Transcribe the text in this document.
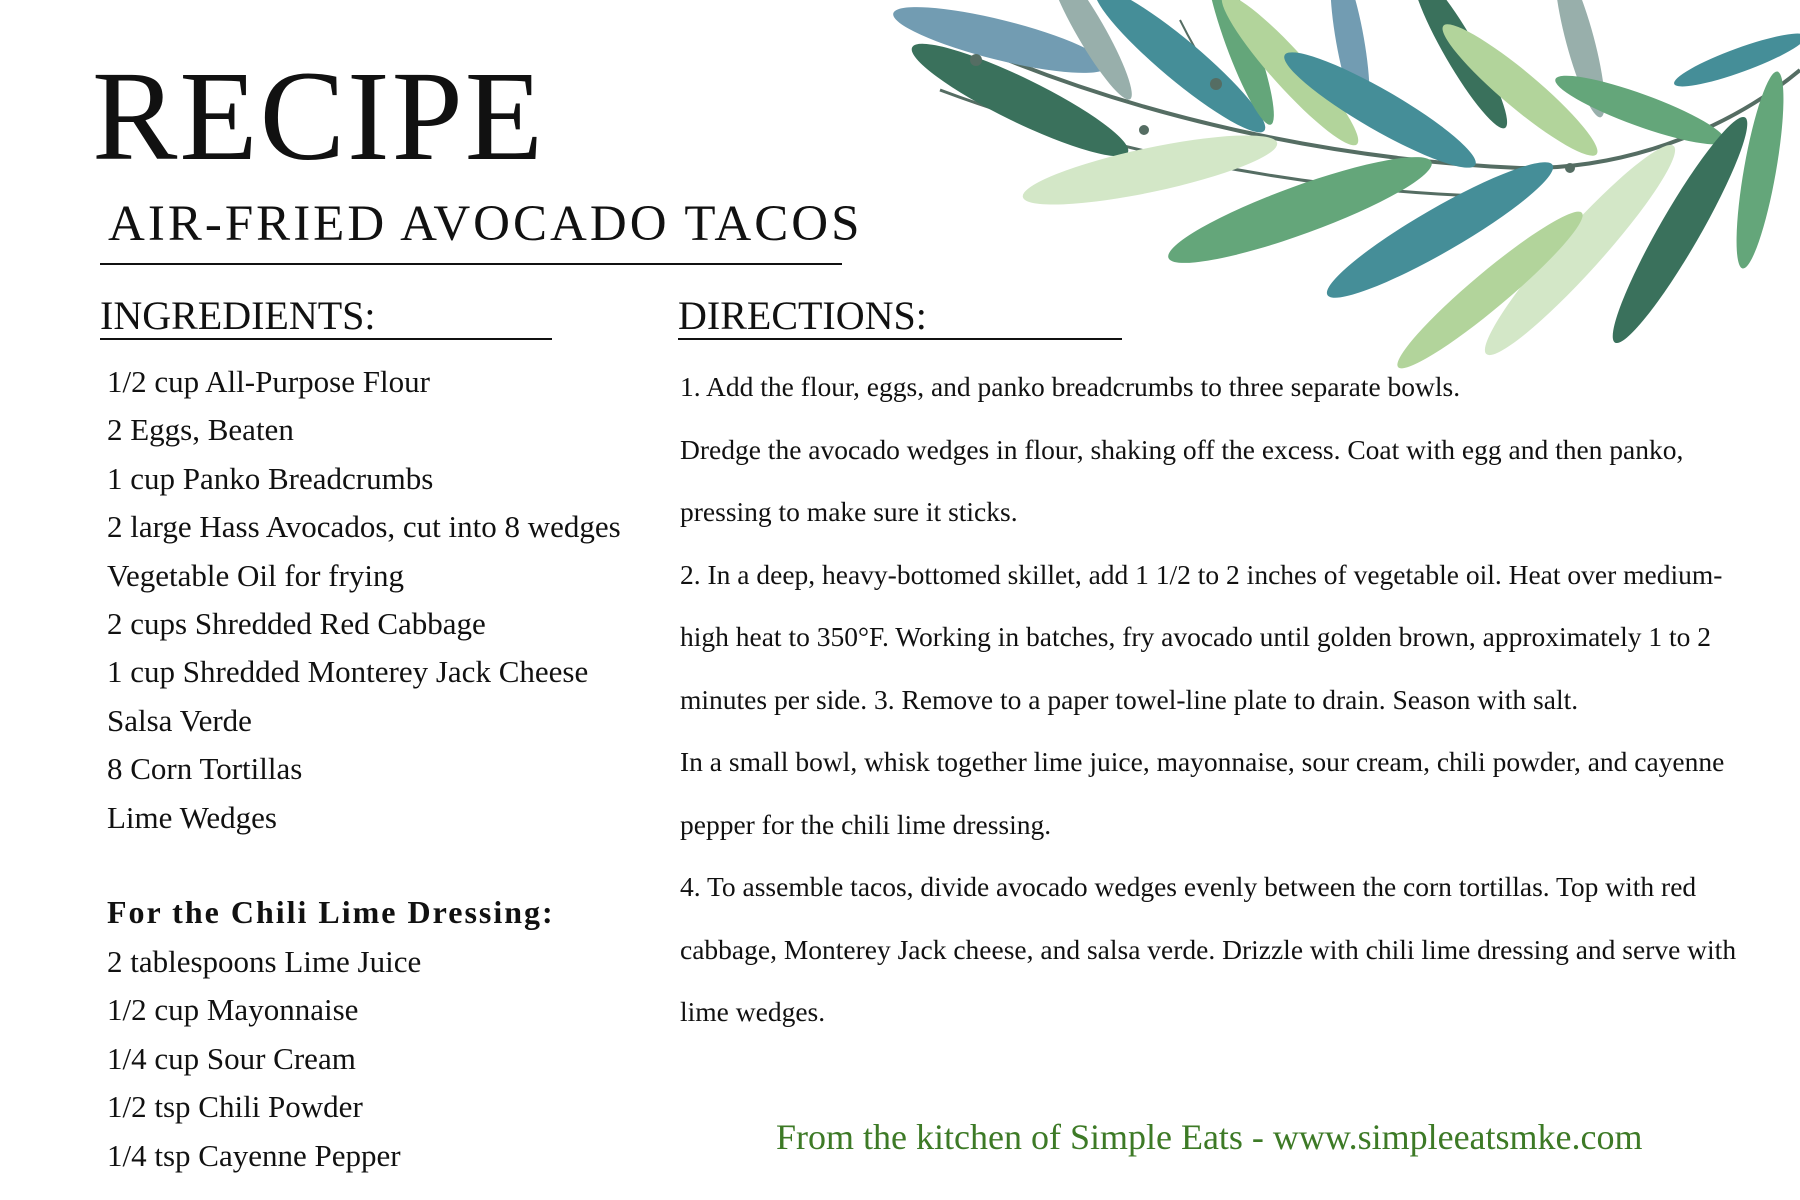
RECIPE
AIR-FRIED AVOCADO TACOS
INGREDIENTS:
1/2 cup All-Purpose Flour
2 Eggs, Beaten
1 cup Panko Breadcrumbs
2 large Hass Avocados, cut into 8 wedges
Vegetable Oil for frying
2 cups Shredded Red Cabbage
1 cup Shredded Monterey Jack Cheese
Salsa Verde
8 Corn Tortillas
Lime Wedges
For the Chili Lime Dressing:
2 tablespoons Lime Juice
1/2 cup Mayonnaise
1/4 cup Sour Cream
1/2 tsp Chili Powder
1/4 tsp Cayenne Pepper
DIRECTIONS:

1. Add the flour, eggs, and panko breadcrumbs to three separate bowls.

Dredge the avocado wedges in flour, shaking off the excess. Coat with egg and then panko, pressing to make sure it sticks.

2. In a deep, heavy-bottomed skillet, add 1 1/2 to 2 inches of vegetable oil. Heat over medium-high heat to 350°F. Working in batches, fry avocado until golden brown, approximately 1 to 2 minutes per side. 3. Remove to a paper towel-line plate to drain. Season with salt.

In a small bowl, whisk together lime juice, mayonnaise, sour cream, chili powder, and cayenne pepper for the chili lime dressing.

4. To assemble tacos, divide avocado wedges evenly between the corn tortillas. Top with red cabbage, Monterey Jack cheese, and salsa verde. Drizzle with chili lime dressing and serve with lime wedges.

From the kitchen of Simple Eats - www.simpleeatsmke.com
